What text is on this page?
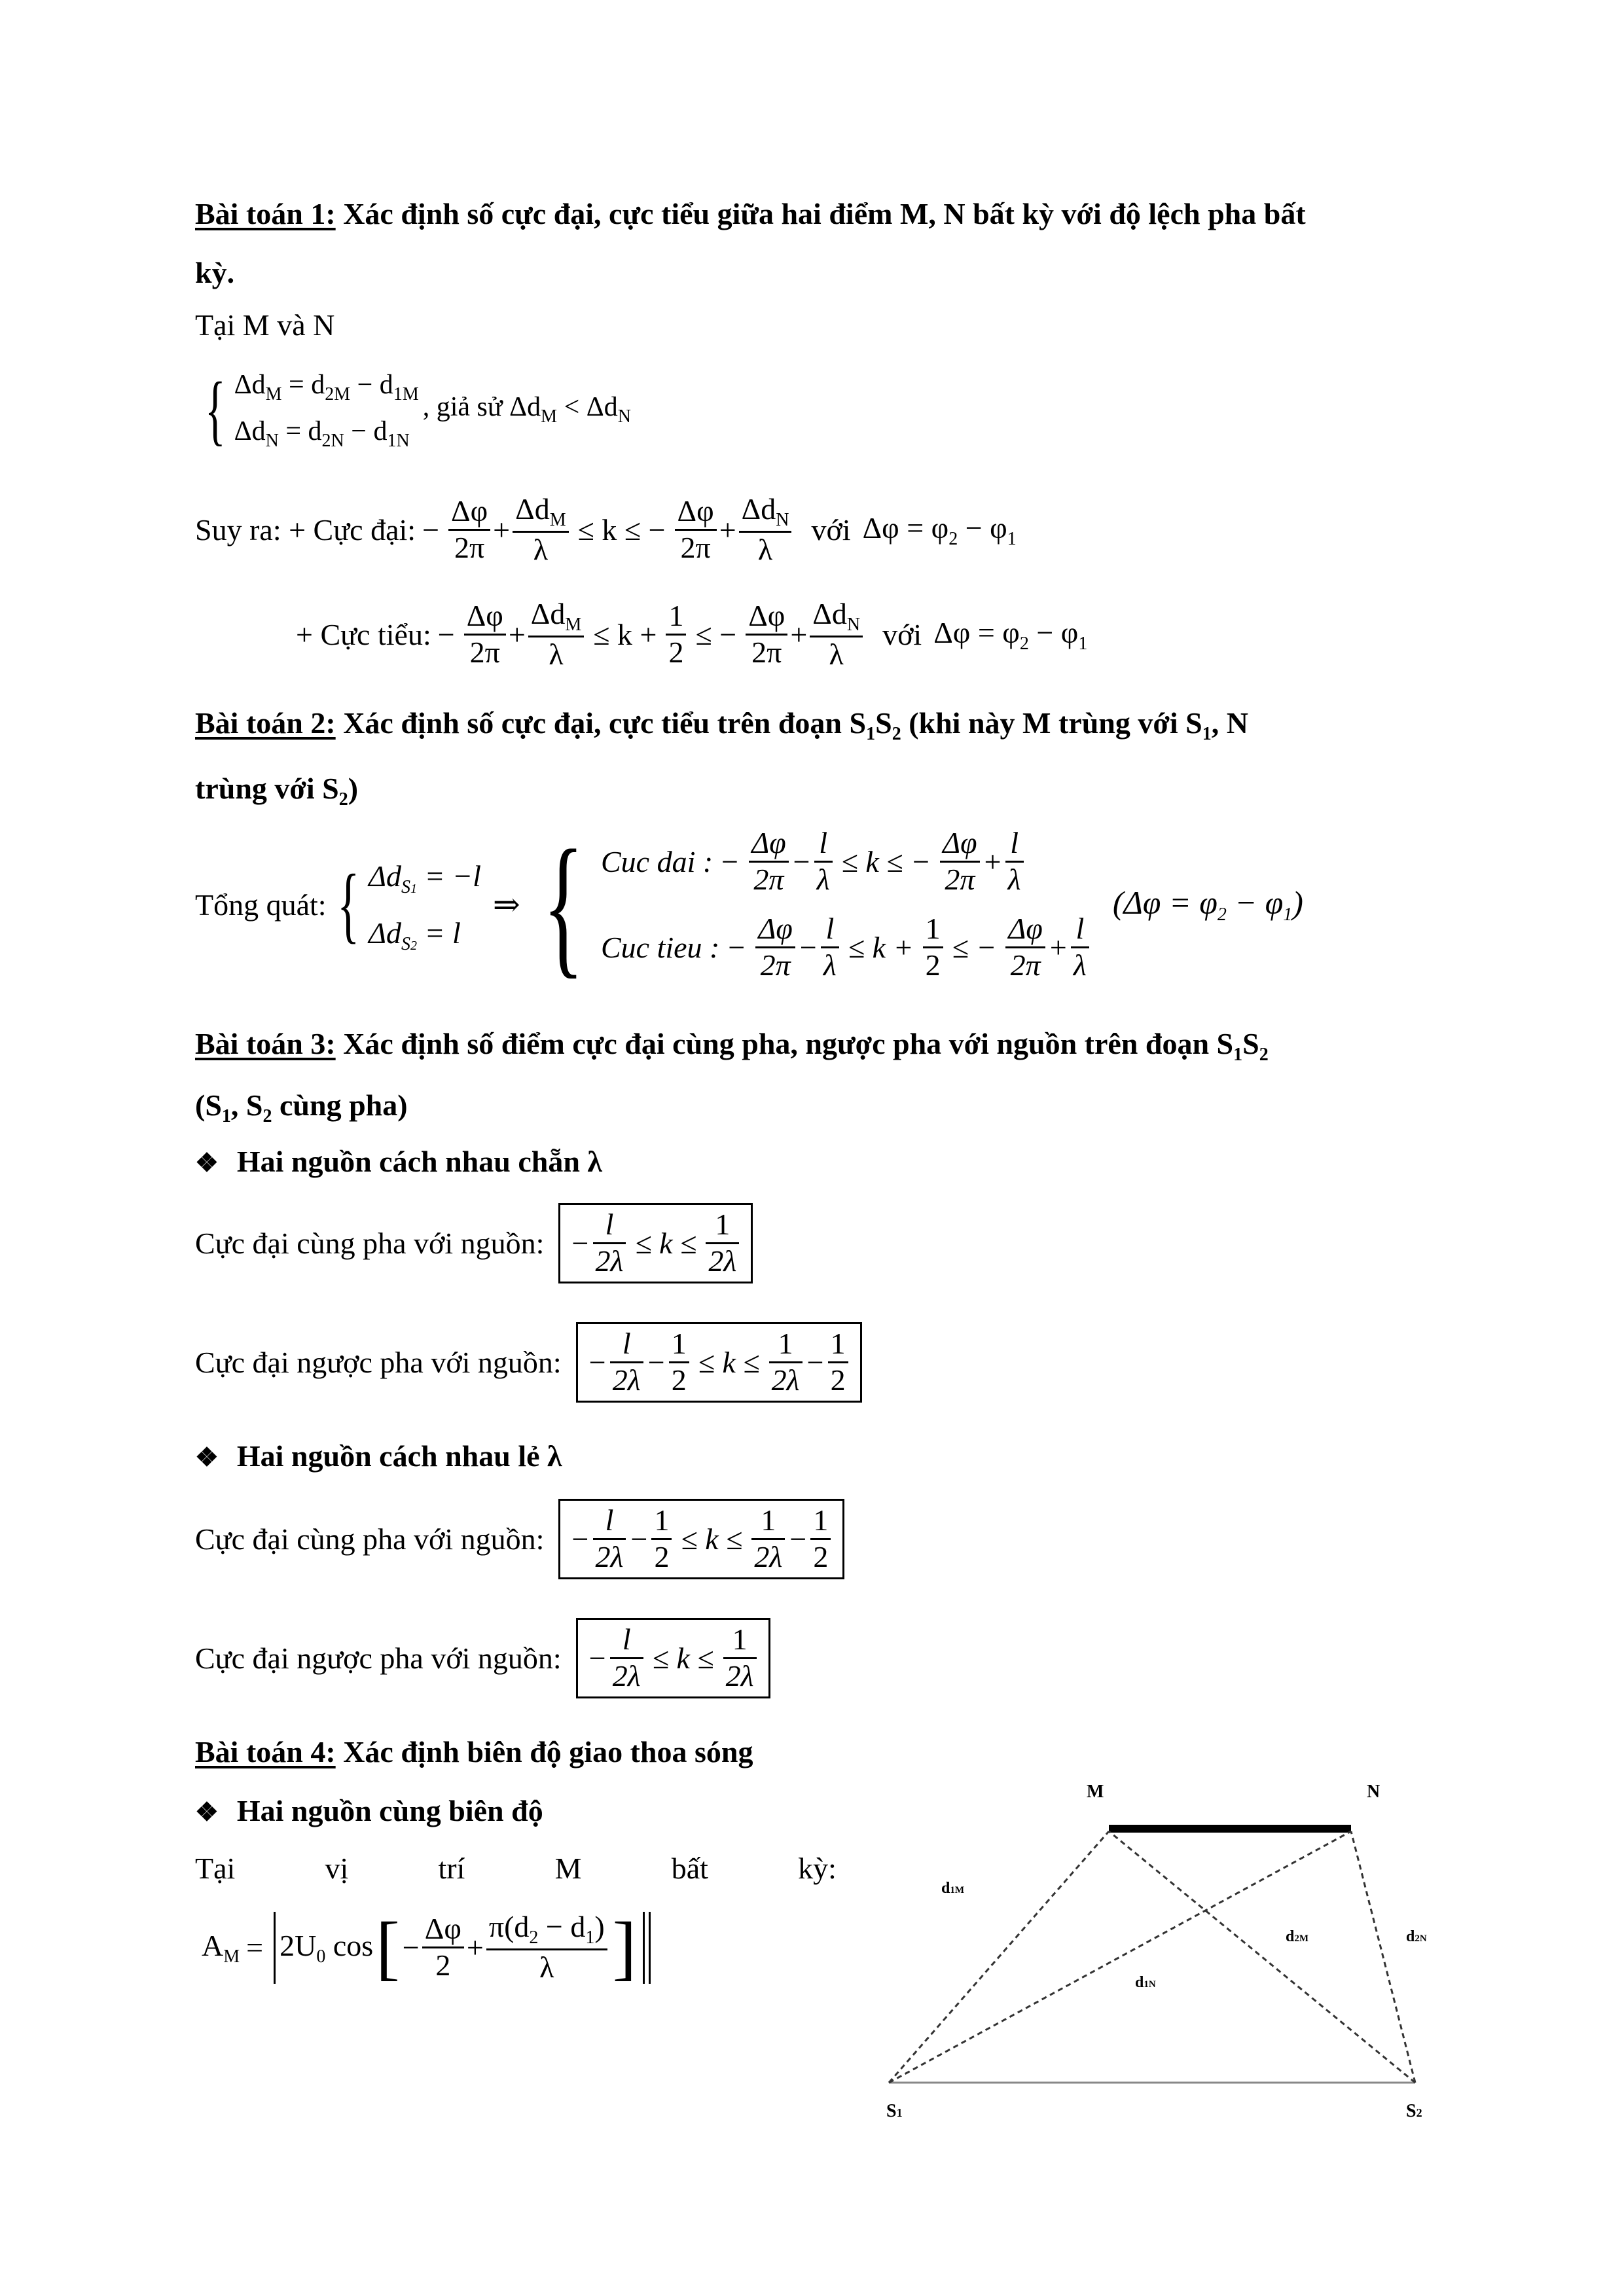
Bài toán 1: Xác định số cực đại, cực tiểu giữa hai điểm M, N bất kỳ với độ lệch pha bất
kỳ.
Tại M và N
{ $\Delta d_M = d_{2M} - d_{1M}$
$\Delta d_N = d_{2N} - d_{1N}$
, giả sử $\Delta d_M < \Delta d_N$
Suy ra: + Cực đại: − $\frac{\Delta\varphi}{2\pi} + \frac{\Delta d_M}{\lambda} \le k$ ≤ − $\frac{\Delta\varphi}{2\pi} + \frac{\Delta d_N}{\lambda}$ với $\Delta\varphi = \varphi_2 - \varphi_1$
+ Cực tiểu: − $\frac{\Delta\varphi}{2\pi} + \frac{\Delta d_M}{\lambda} \le k + \frac{1}{2}$ ≤ − $\frac{\Delta\varphi}{2\pi} + \frac{\Delta d_N}{\lambda}$ với $\Delta\varphi = \varphi_2 - \varphi_1$
Bài toán 2: Xác định số cực đại, cực tiểu trên đoạn $S_1S_2$ (khi này M trùng với $S_1$, N
trùng với $S_2$)
Tổng quát: { $\Delta d_{S1} = -l$
$\Delta d_{S2} = l$
⇒ { Cuc dai : − $\frac{\Delta\varphi}{2\pi} - \frac{l}{\lambda} \le k$ ≤ − $\frac{\Delta\varphi}{2\pi} + \frac{l}{\lambda}$
Cuc tieu : − $\frac{\Delta\varphi}{2\pi} - \frac{l}{\lambda} \le k + \frac{1}{2}$ ≤ − $\frac{\Delta\varphi}{2\pi} + \frac{l}{\lambda}$
$(\Delta\varphi = \varphi_2 - \varphi_1)$
Bài toán 3: Xác định số điểm cực đại cùng pha, ngược pha với nguồn trên đoạn $S_1S_2$
($S_1$, $S_2$ cùng pha)
❖ Hai nguồn cách nhau chẵn λ
Cực đại cùng pha với nguồn: − $\frac{l}{2\lambda} \le k \le \frac{1}{2\lambda}$
Cực đại ngược pha với nguồn: − $\frac{l}{2\lambda} - \frac{1}{2} \le k \le \frac{1}{2\lambda} - \frac{1}{2}$
❖ Hai nguồn cách nhau lẻ λ
Cực đại cùng pha với nguồn: − $\frac{l}{2\lambda} - \frac{1}{2} \le k \le \frac{1}{2\lambda} - \frac{1}{2}$
Cực đại ngược pha với nguồn: − $\frac{l}{2\lambda} \le k \le \frac{1}{2\lambda}$
Bài toán 4: Xác định biên độ giao thoa sóng
❖ Hai nguồn cùng biên độ
Tại	vị	trí	M	bất	kỳ:
$A_M = 2U_0$ cos [ − $\frac{\Delta\varphi}{2} + \frac{\pi(d_2 - d_1)}{\lambda}$ ]
M	N
S1	S2
d1M
d2M	d2N
d1N
